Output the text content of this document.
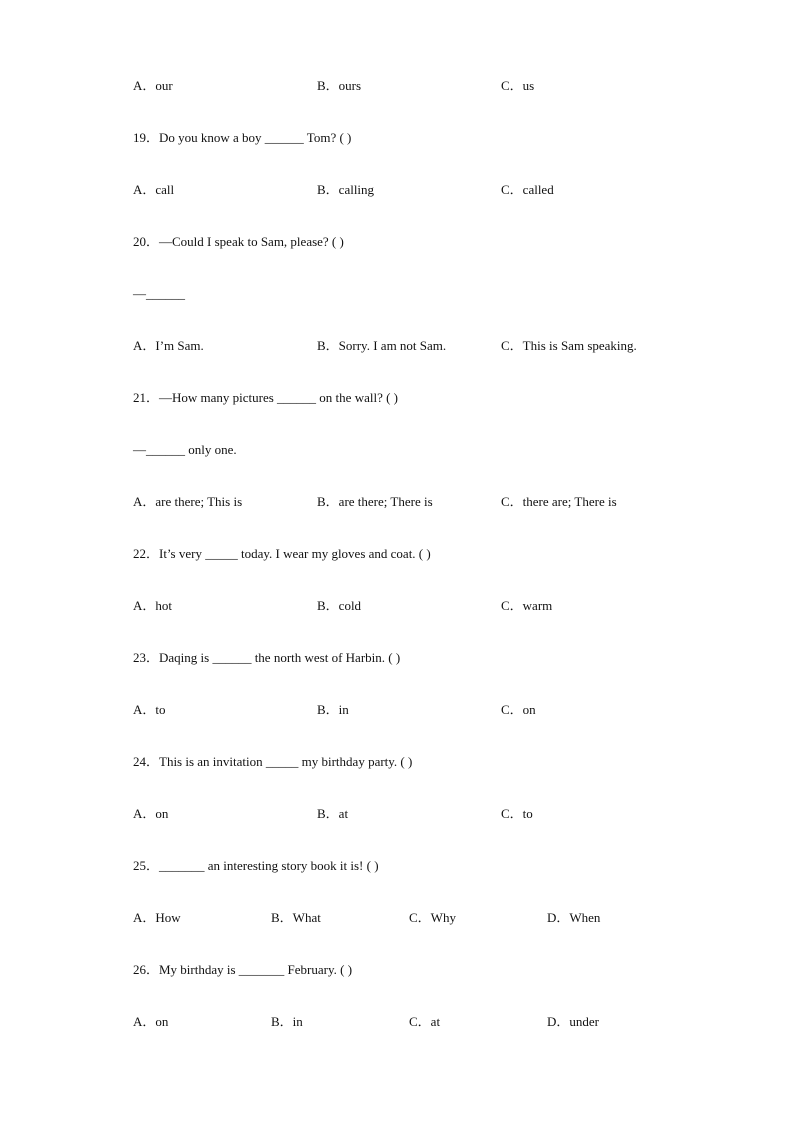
A．our	B．ours	C．us
19．Do you know a boy ______ Tom? ( )
A．call	B．calling	C．called
20．—Could I speak to Sam, please? ( )
—______
A．I’m Sam.	B．Sorry. I am not Sam.	C．This is Sam speaking.
21．—How many pictures ______ on the wall? ( )
—______ only one.
A．are there; This is	B．are there; There is	C．there are; There is
22．It’s very _____ today. I wear my gloves and coat. ( )
A．hot	B．cold	C．warm
23．Daqing is ______ the north west of Harbin. ( )
A．to	B．in	C．on
24．This is an invitation _____ my birthday party. ( )
A．on	B．at	C．to
25．_______ an interesting story book it is! ( )
A．How	B．What	C．Why	D．When
26．My birthday is _______ February. ( )
A．on	B．in	C．at	D．under
